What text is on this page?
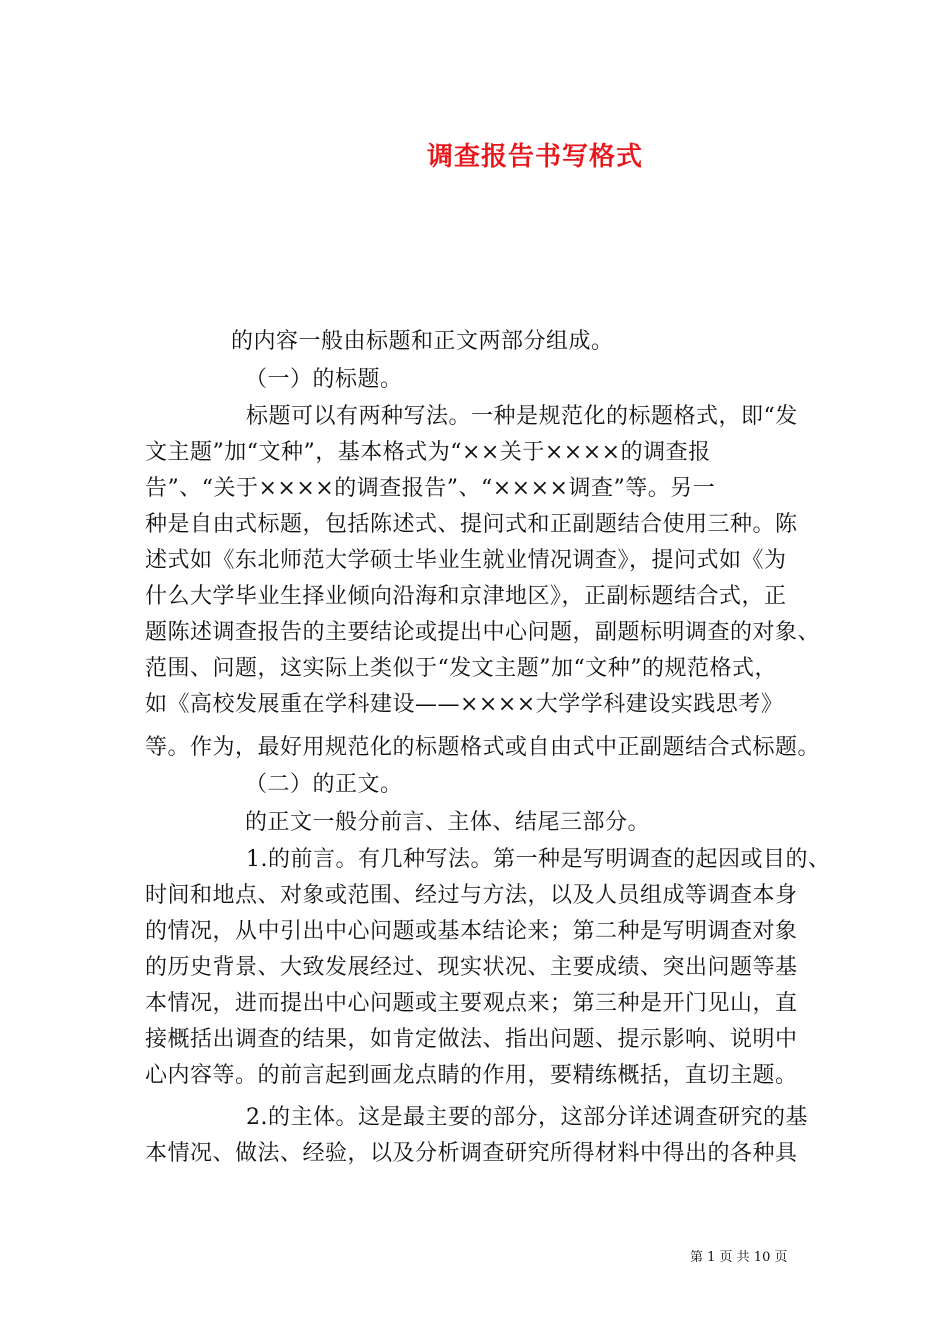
调查报告书写格式
的内容一般由标题和正文两部分组成。
（一）的标题。
标题可以有两种写法。一种是规范化的标题格式，即“发
文主题”加“文种”，基本格式为“××关于××××的调查报
告”、“关于××××的调查报告”、“××××调查”等。另一
种是自由式标题，包括陈述式、提问式和正副题结合使用三种。陈
述式如《东北师范大学硕士毕业生就业情况调查》，提问式如《为
什么大学毕业生择业倾向沿海和京津地区》，正副标题结合式，正
题陈述调查报告的主要结论或提出中心问题，副题标明调查的对象、
范围、问题，这实际上类似于“发文主题”加“文种”的规范格式，
如《高校发展重在学科建设——××××大学学科建设实践思考》
等。作为，最好用规范化的标题格式或自由式中正副题结合式标题。
（二）的正文。
的正文一般分前言、主体、结尾三部分。
1.的前言。有几种写法。第一种是写明调查的起因或目的、
时间和地点、对象或范围、经过与方法，以及人员组成等调查本身
的情况，从中引出中心问题或基本结论来；第二种是写明调查对象
的历史背景、大致发展经过、现实状况、主要成绩、突出问题等基
本情况，进而提出中心问题或主要观点来；第三种是开门见山，直
接概括出调查的结果，如肯定做法、指出问题、提示影响、说明中
心内容等。的前言起到画龙点睛的作用，要精练概括，直切主题。
2.的主体。这是最主要的部分，这部分详述调查研究的基
本情况、做法、经验，以及分析调查研究所得材料中得出的各种具
第 1 页 共 10 页
